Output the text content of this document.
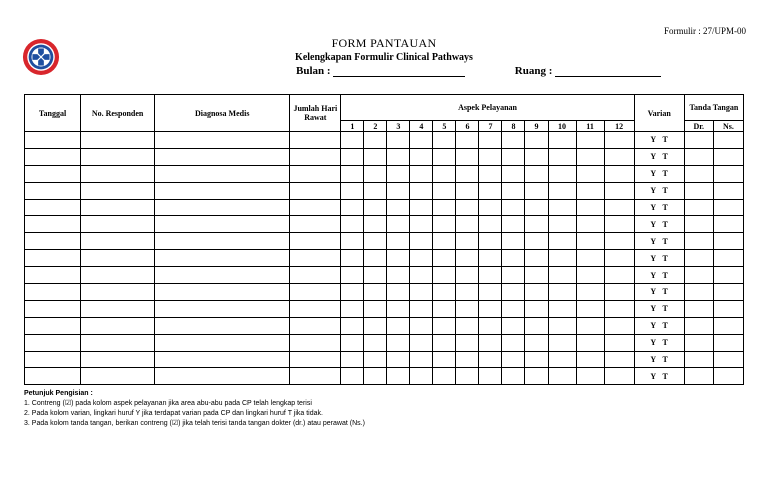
Formulir : 27/UPM-00
FORM PANTAUAN
Kelengkapan Formulir Clinical Pathways
Bulan :	Ruang :
Tanggal	No. Responden	Diagnosa Medis	Jumlah Hari Rawat	Aspek Pelayanan												Varian	Tanda Tangan	
				1	2	3	4	5	6	7	8	9	10	11	12		Dr.	Ns.
																Y T		
																Y T		
																Y T		
																Y T		
																Y T		
																Y T		
																Y T		
																Y T		
																Y T		
																Y T		
																Y T		
																Y T		
																Y T		
																Y T		
																Y T		
Petunjuk Pengisian :
1. Contreng (☑) pada kolom aspek pelayanan jika area abu-abu pada CP telah lengkap terisi
2. Pada kolom varian, lingkari huruf Y jika terdapat varian pada CP dan lingkari huruf T jika tidak.
3. Pada kolom tanda tangan, berikan contreng (☑) jika telah terisi tanda tangan dokter (dr.) atau perawat (Ns.)
